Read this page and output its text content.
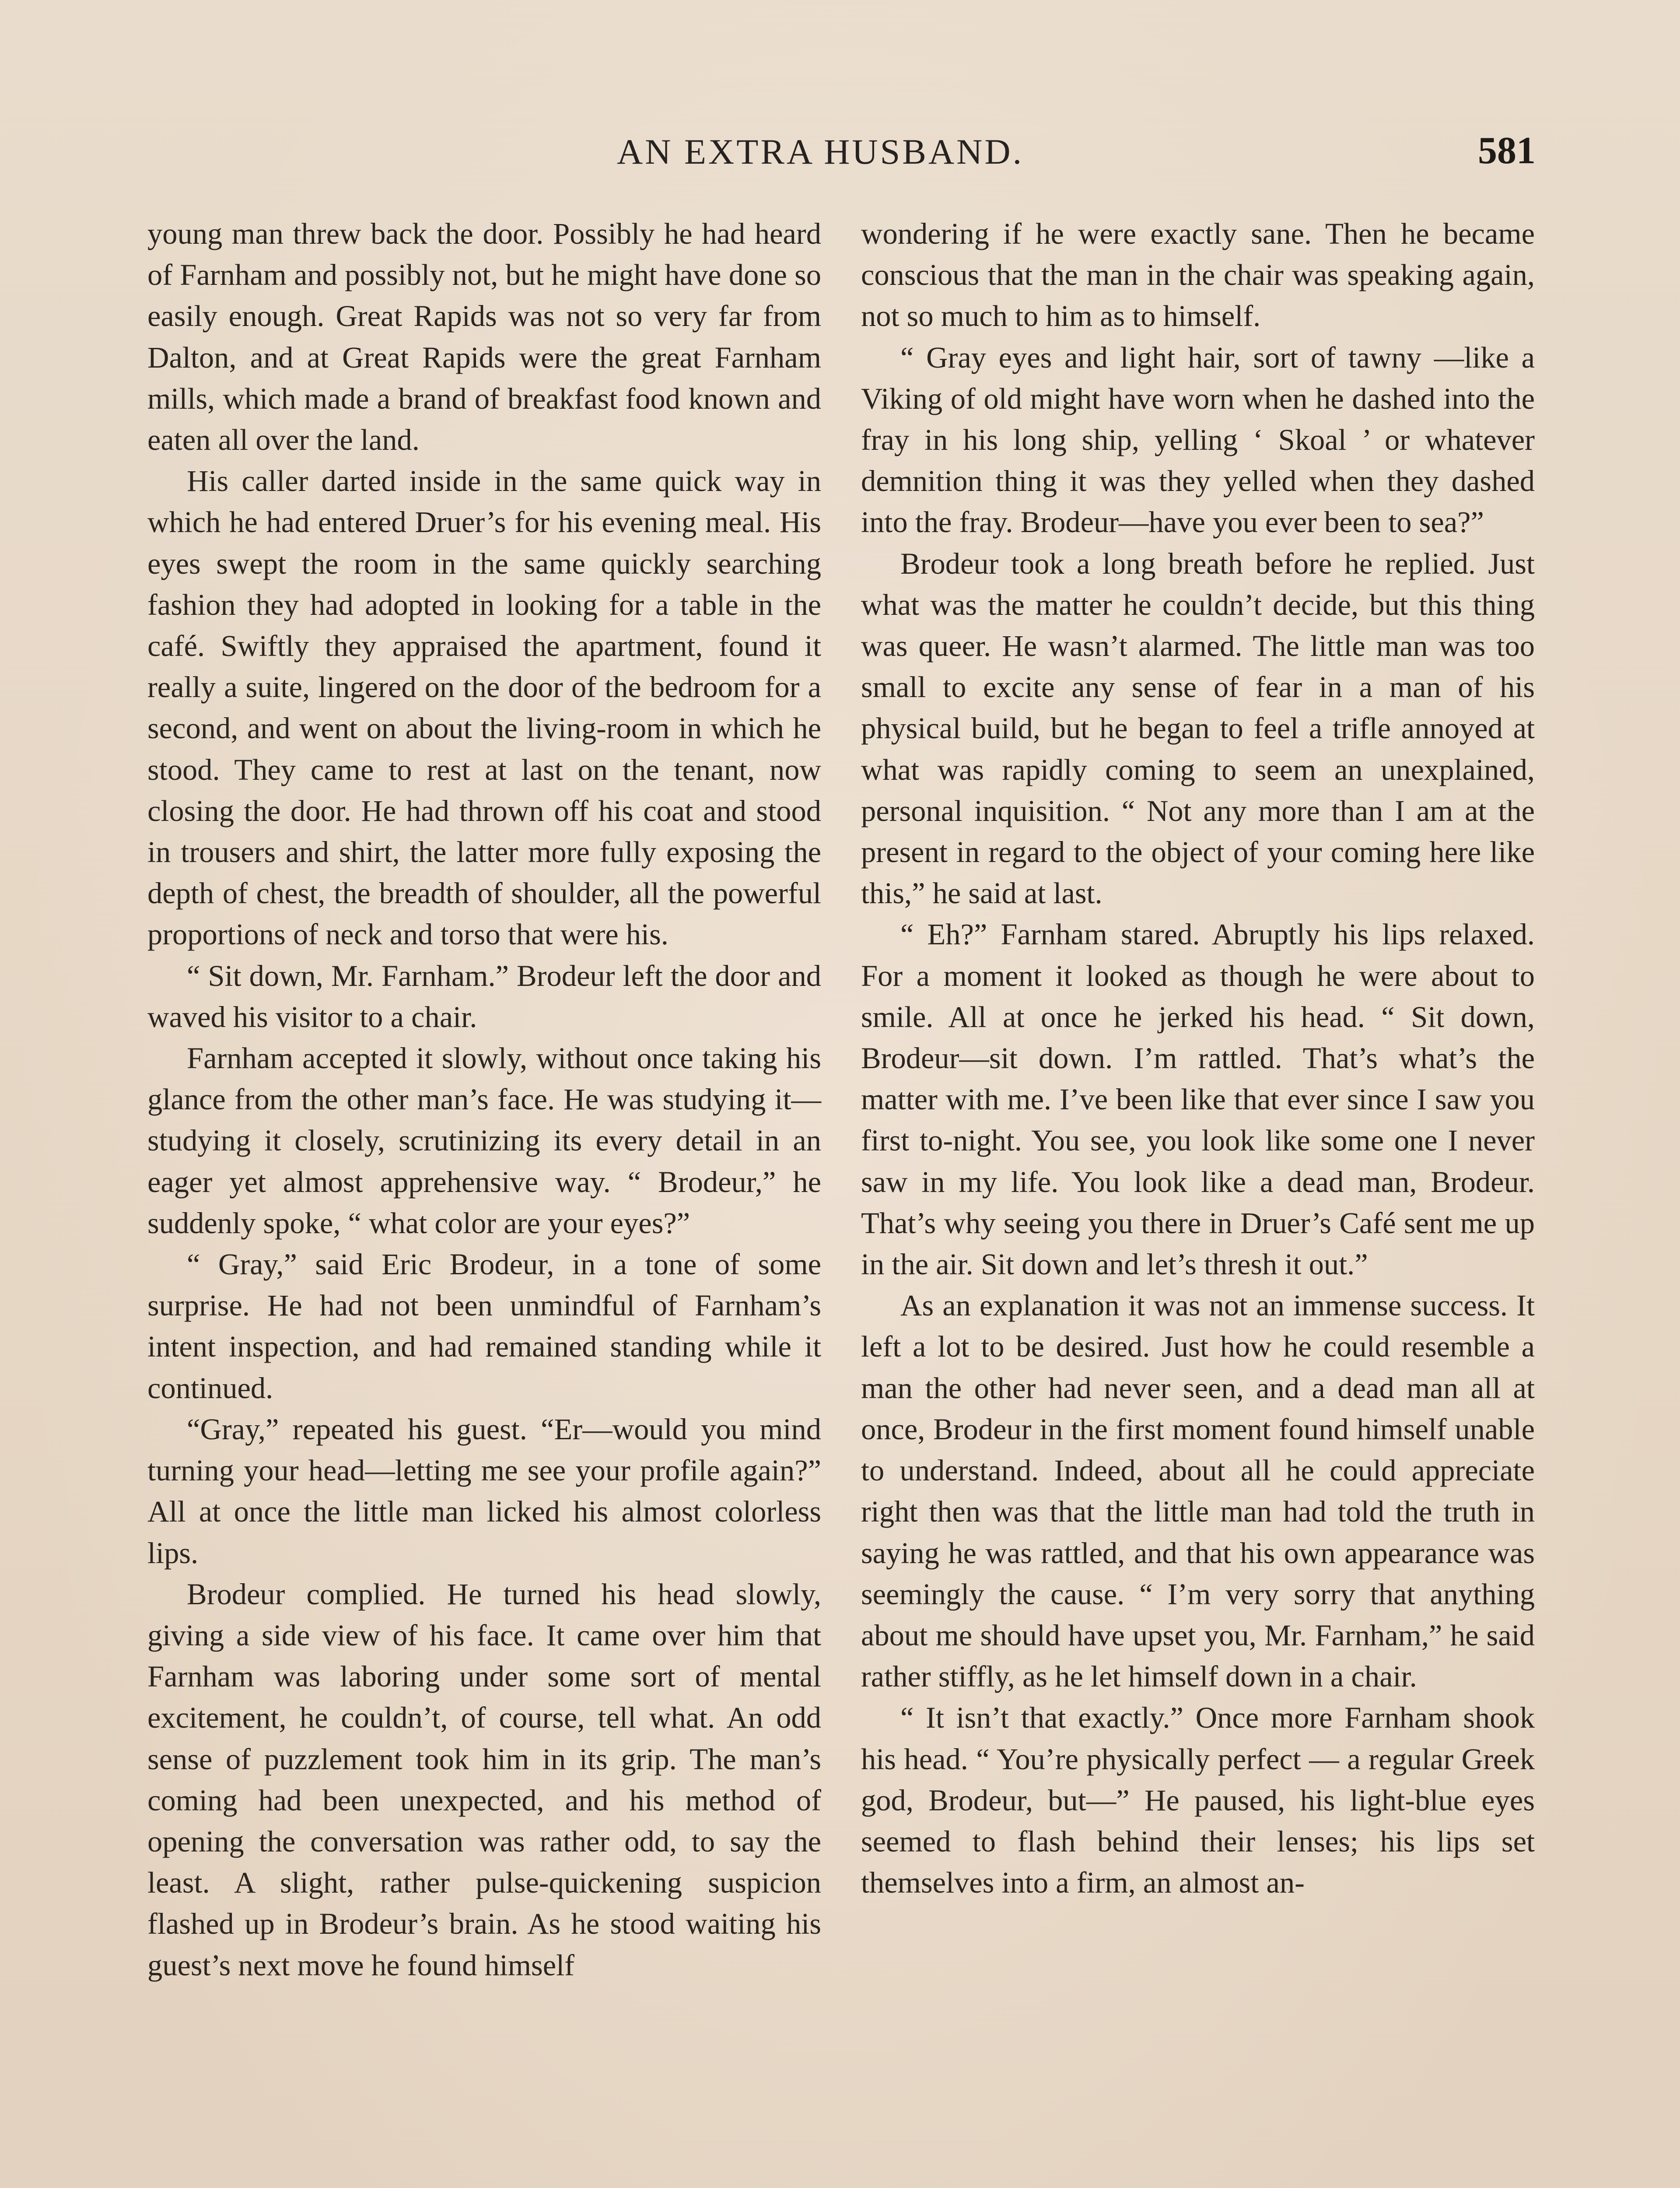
AN EXTRA HUSBAND.	581

young man threw back the door. Possibly he had heard of Farnham and possibly not, but he might have done so easily enough. Great Rapids was not so very far from Dalton, and at Great Rapids were the great Farnham mills, which made a brand of breakfast food known and eaten all over the land.

His caller darted inside in the same quick way in which he had entered Druer’s for his evening meal. His eyes swept the room in the same quickly searching fashion they had adopted in looking for a table in the café. Swiftly they appraised the apartment, found it really a suite, lingered on the door of the bedroom for a second, and went on about the living-room in which he stood. They came to rest at last on the tenant, now closing the door. He had thrown off his coat and stood in trousers and shirt, the latter more fully exposing the depth of chest, the breadth of shoulder, all the powerful proportions of neck and torso that were his.

“ Sit down, Mr. Farnham.” Brodeur left the door and waved his visitor to a chair.

Farnham accepted it slowly, without once taking his glance from the other man’s face. He was studying it—studying it closely, scrutinizing its every detail in an eager yet almost apprehensive way. “ Brodeur,” he suddenly spoke, “ what color are your eyes?”

“ Gray,” said Eric Brodeur, in a tone of some surprise. He had not been unmindful of Farnham’s intent inspection, and had remained standing while it continued.

“Gray,” repeated his guest. “Er—would you mind turning your head—letting me see your profile again?” All at once the little man licked his almost colorless lips.

Brodeur complied. He turned his head slowly, giving a side view of his face. It came over him that Farnham was laboring under some sort of mental excitement, he couldn’t, of course, tell what. An odd sense of puzzlement took him in its grip. The man’s coming had been unexpected, and his method of opening the conversation was rather odd, to say the least. A slight, rather pulse-quickening suspicion flashed up in Brodeur’s brain. As he stood waiting his guest’s next move he found himself

wondering if he were exactly sane. Then he became conscious that the man in the chair was speaking again, not so much to him as to himself.

“ Gray eyes and light hair, sort of tawny —like a Viking of old might have worn when he dashed into the fray in his long ship, yelling ‘ Skoal ’ or whatever demnition thing it was they yelled when they dashed into the fray. Brodeur—have you ever been to sea?”

Brodeur took a long breath before he replied. Just what was the matter he couldn’t decide, but this thing was queer. He wasn’t alarmed. The little man was too small to excite any sense of fear in a man of his physical build, but he began to feel a trifle annoyed at what was rapidly coming to seem an unexplained, personal inquisition. “ Not any more than I am at the present in regard to the object of your coming here like this,” he said at last.

“ Eh?” Farnham stared. Abruptly his lips relaxed. For a moment it looked as though he were about to smile. All at once he jerked his head. “ Sit down, Brodeur—sit down. I’m rattled. That’s what’s the matter with me. I’ve been like that ever since I saw you first to-night. You see, you look like some one I never saw in my life. You look like a dead man, Brodeur. That’s why seeing you there in Druer’s Café sent me up in the air. Sit down and let’s thresh it out.”

As an explanation it was not an immense success. It left a lot to be desired. Just how he could resemble a man the other had never seen, and a dead man all at once, Brodeur in the first moment found himself unable to understand. Indeed, about all he could appreciate right then was that the little man had told the truth in saying he was rattled, and that his own appearance was seemingly the cause. “ I’m very sorry that anything about me should have upset you, Mr. Farnham,” he said rather stiffly, as he let himself down in a chair.

“ It isn’t that exactly.” Once more Farnham shook his head. “ You’re physically perfect — a regular Greek god, Brodeur, but—” He paused, his light-blue eyes seemed to flash behind their lenses; his lips set themselves into a firm, an almost an-
